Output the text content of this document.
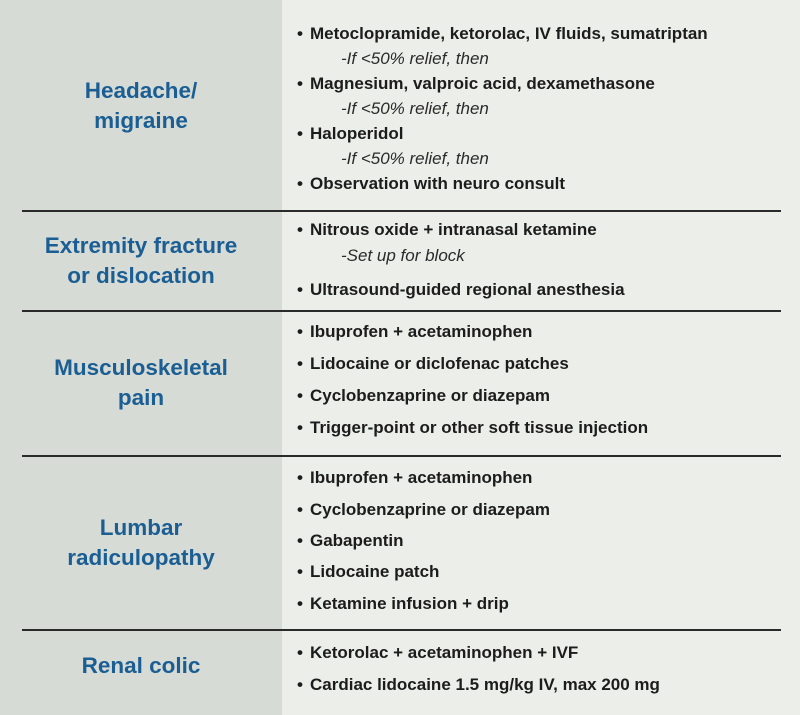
Headache/
migraine
• Metoclopramide, ketorolac, IV fluids, sumatriptan
-If <50% relief, then
• Magnesium, valproic acid, dexamethasone
-If <50% relief, then
• Haloperidol
-If <50% relief, then
• Observation with neuro consult
Extremity fracture
or dislocation
• Nitrous oxide + intranasal ketamine
-Set up for block
• Ultrasound-guided regional anesthesia
Musculoskeletal
pain
• Ibuprofen + acetaminophen
• Lidocaine or diclofenac patches
• Cyclobenzaprine or diazepam
• Trigger-point or other soft tissue injection
Lumbar
radiculopathy
• Ibuprofen + acetaminophen
• Cyclobenzaprine or diazepam
• Gabapentin
• Lidocaine patch
• Ketamine infusion + drip
Renal colic
• Ketorolac + acetaminophen + IVF
• Cardiac lidocaine 1.5 mg/kg IV, max 200 mg
